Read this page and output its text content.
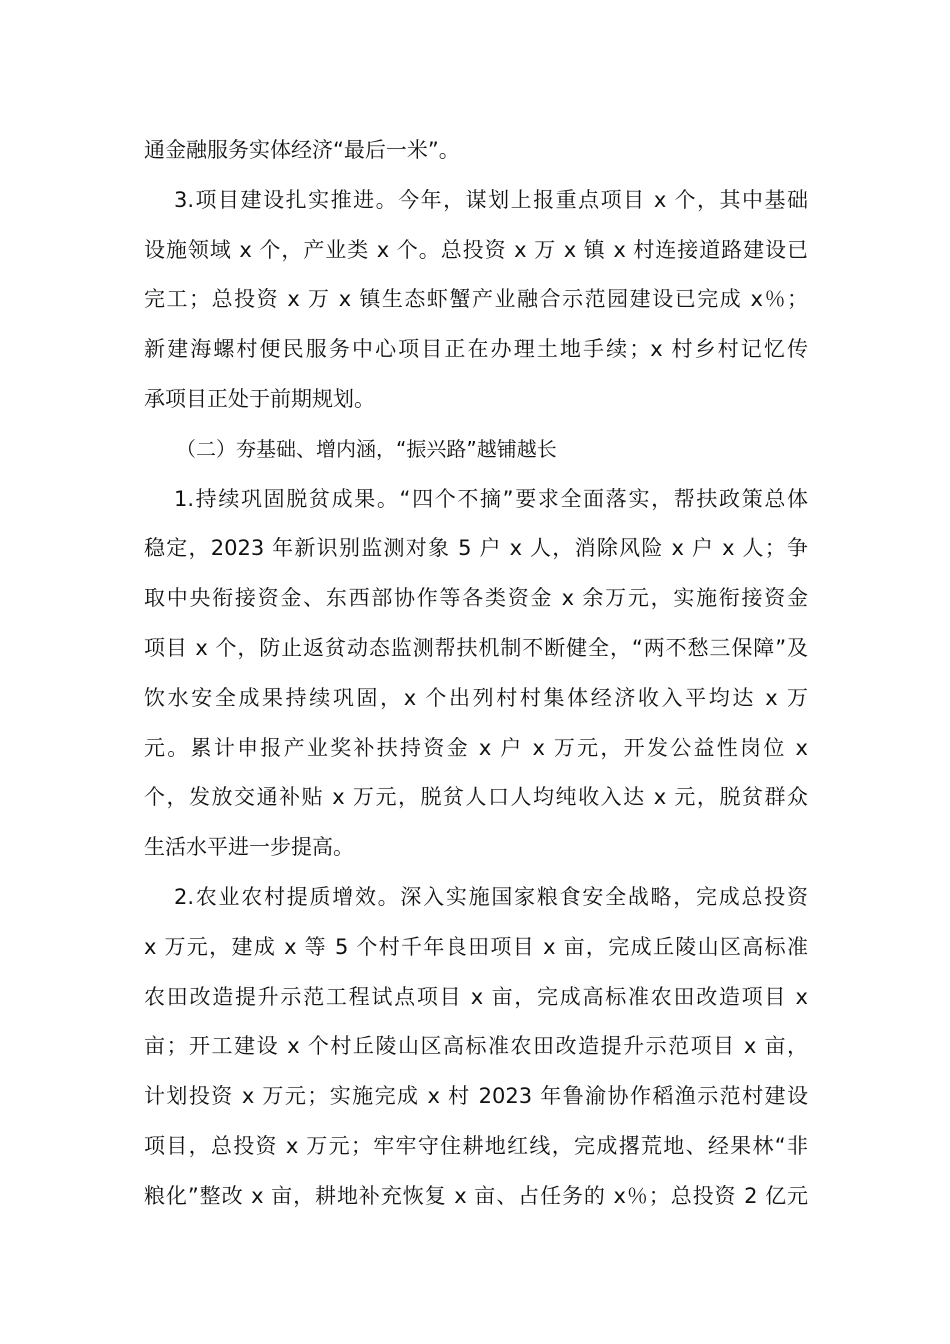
通金融服务实体经济“最后一米”。
3.项目建设扎实推进。今年，谋划上报重点项目 x 个，其中基础
设施领域 x 个，产业类 x 个。总投资 x 万 x 镇 x 村连接道路建设已
完工；总投资 x 万 x 镇生态虾蟹产业融合示范园建设已完成 x％；
新建海螺村便民服务中心项目正在办理土地手续；x 村乡村记忆传
承项目正处于前期规划。
（二）夯基础、增内涵，“振兴路”越铺越长
1.持续巩固脱贫成果。“四个不摘”要求全面落实，帮扶政策总体
稳定，2023 年新识别监测对象 5 户 x 人，消除风险 x 户 x 人；争
取中央衔接资金、东西部协作等各类资金 x 余万元，实施衔接资金
项目 x 个，防止返贫动态监测帮扶机制不断健全，“两不愁三保障”及
饮水安全成果持续巩固，x 个出列村村集体经济收入平均达 x 万
元。累计申报产业奖补扶持资金 x 户 x 万元，开发公益性岗位 x
个，发放交通补贴 x 万元，脱贫人口人均纯收入达 x 元，脱贫群众
生活水平进一步提高。
2.农业农村提质增效。深入实施国家粮食安全战略，完成总投资
x 万元，建成 x 等 5 个村千年良田项目 x 亩，完成丘陵山区高标准
农田改造提升示范工程试点项目 x 亩，完成高标准农田改造项目 x
亩；开工建设 x 个村丘陵山区高标准农田改造提升示范项目 x 亩，
计划投资 x 万元；实施完成 x 村 2023 年鲁渝协作稻渔示范村建设
项目，总投资 x 万元；牢牢守住耕地红线，完成撂荒地、经果林“非
粮化”整改 x 亩，耕地补充恢复 x 亩、占任务的 x％；总投资 2 亿元
